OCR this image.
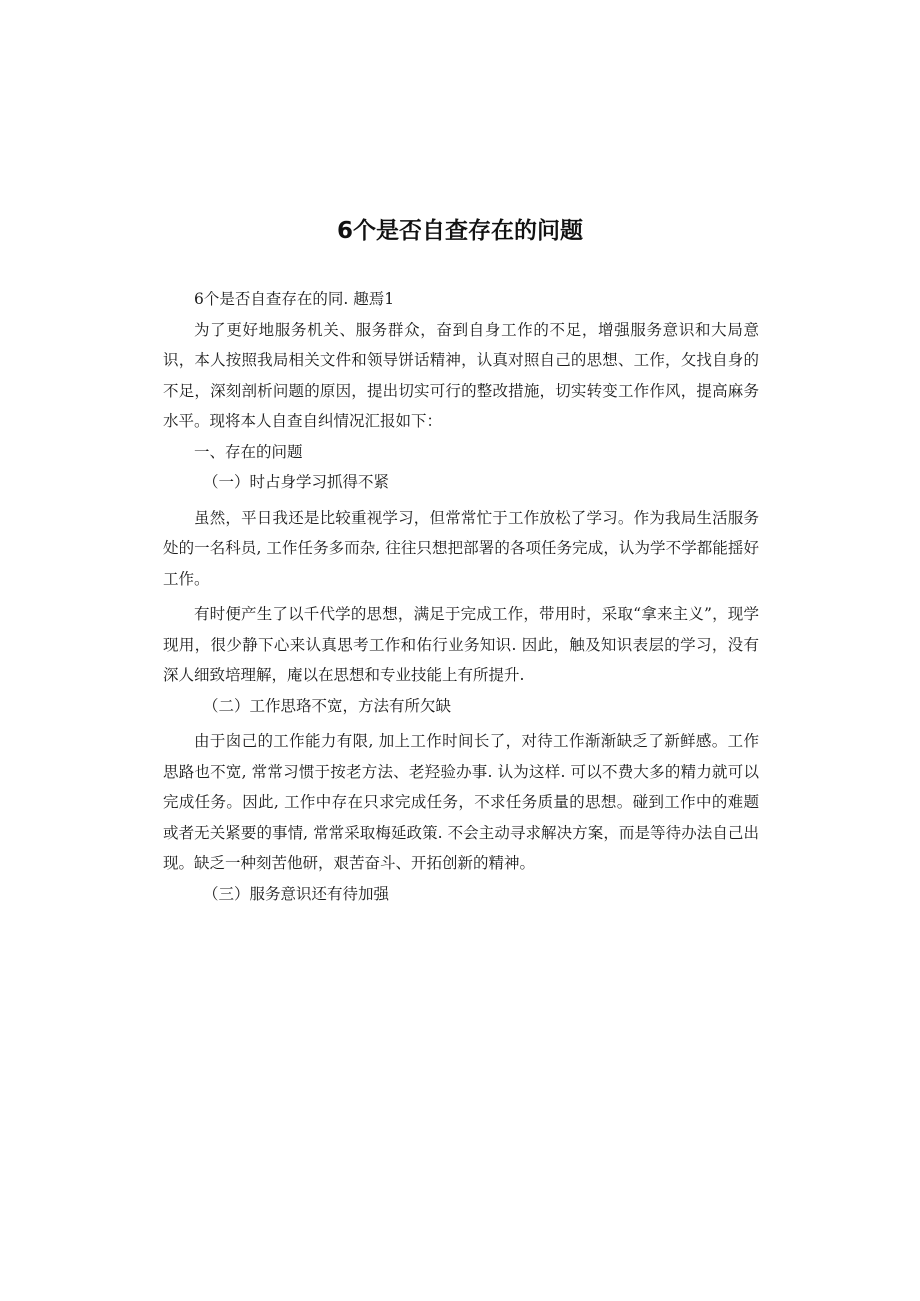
6个是否自查存在的问题

6个是否自查存在的同. 趣焉1

为了更好地服务机关、服务群众，奋到自身工作的不足，增强服务意识和大局意识，本人按照我局相关文件和领导饼话精神，认真对照自己的思想、工作，攵找自身的不足，深刻剖析问题的原因，提出切实可行的整改措施，切实转变工作作风，提高麻务水平。现将本人自查自纠情况汇报如下：

一、存在的问题

（一）时占身学习抓得不紧

虽然，平日我还是比较重视学习，但常常忙于工作放松了学习。作为我局生活服务处的一名科员, 工作任务多而杂, 往往只想把部署的各项任务完成，认为学不学都能揺好工作。

有时便产生了以千代学的思想，满足于完成工作，带用时，采取“拿来主义”，现学现用，很少静下心来认真思考工作和佑行业务知识. 因此，触及知识表层的学习，没有深人细致培理解，庵以在思想和专业技能上有所提升.

（二）工作思珞不宽，方法有所欠缺

由于囱己的工作能力有限, 加上工作时间长了，对待工作渐渐缺乏了新鲜感。工作思路也不宽, 常常习惯于按老方法、老羟验办事. 认为这样. 可以不费大多的精力就可以完成任务。因此, 工作中存在只求完成任务，不求任务质量的思想。碰到工作中的难题或者无关紧要的事情, 常常采取梅延政策. 不会主动寻求解决方案，而是等待办法自己出现。缺乏一种刻苦他研，艰苦奋斗、开拓创新的精神。

（三）服务意识还有待加强
